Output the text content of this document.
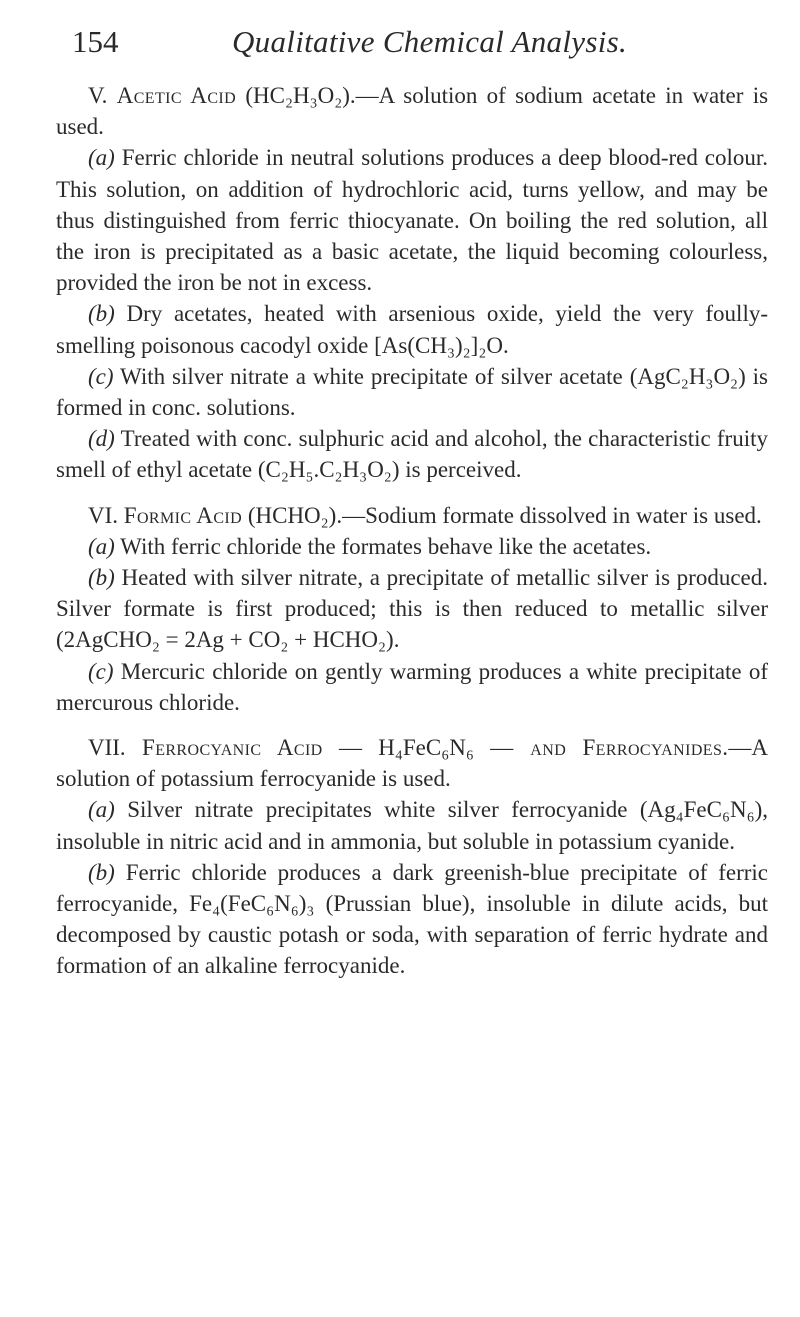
154	Qualitative Chemical Analysis.

V. Acetic Acid (HC₂H₃O₂).—A solution of sodium acetate in water is used.

(a) Ferric chloride in neutral solutions produces a deep blood-red colour. This solution, on addition of hydrochloric acid, turns yellow, and may be thus distinguished from ferric thiocyanate. On boiling the red solution, all the iron is precipitated as a basic acetate, the liquid becoming colourless, provided the iron be not in excess.

(b) Dry acetates, heated with arsenious oxide, yield the very foully-smelling poisonous cacodyl oxide [As(CH₃)₂]₂O.

(c) With silver nitrate a white precipitate of silver acetate (AgC₂H₃O₂) is formed in conc. solutions.

(d) Treated with conc. sulphuric acid and alcohol, the characteristic fruity smell of ethyl acetate (C₂H₅.C₂H₃O₂) is perceived.

VI. Formic Acid (HCHO₂).—Sodium formate dissolved in water is used.

(a) With ferric chloride the formates behave like the acetates.

(b) Heated with silver nitrate, a precipitate of metallic silver is produced. Silver formate is first produced; this is then reduced to metallic silver (2AgCHO₂ = 2Ag + CO₂ + HCHO₂).

(c) Mercuric chloride on gently warming produces a white precipitate of mercurous chloride.

VII. Ferrocyanic Acid — H₄FeC₆N₆ — and Ferrocyanides.—A solution of potassium ferrocyanide is used.

(a) Silver nitrate precipitates white silver ferrocyanide (Ag₄FeC₆N₆), insoluble in nitric acid and in ammonia, but soluble in potassium cyanide.

(b) Ferric chloride produces a dark greenish-blue precipitate of ferric ferrocyanide, Fe₄(FeC₆N₆)₃ (Prussian blue), insoluble in dilute acids, but decomposed by caustic potash or soda, with separation of ferric hydrate and formation of an alkaline ferrocyanide.
